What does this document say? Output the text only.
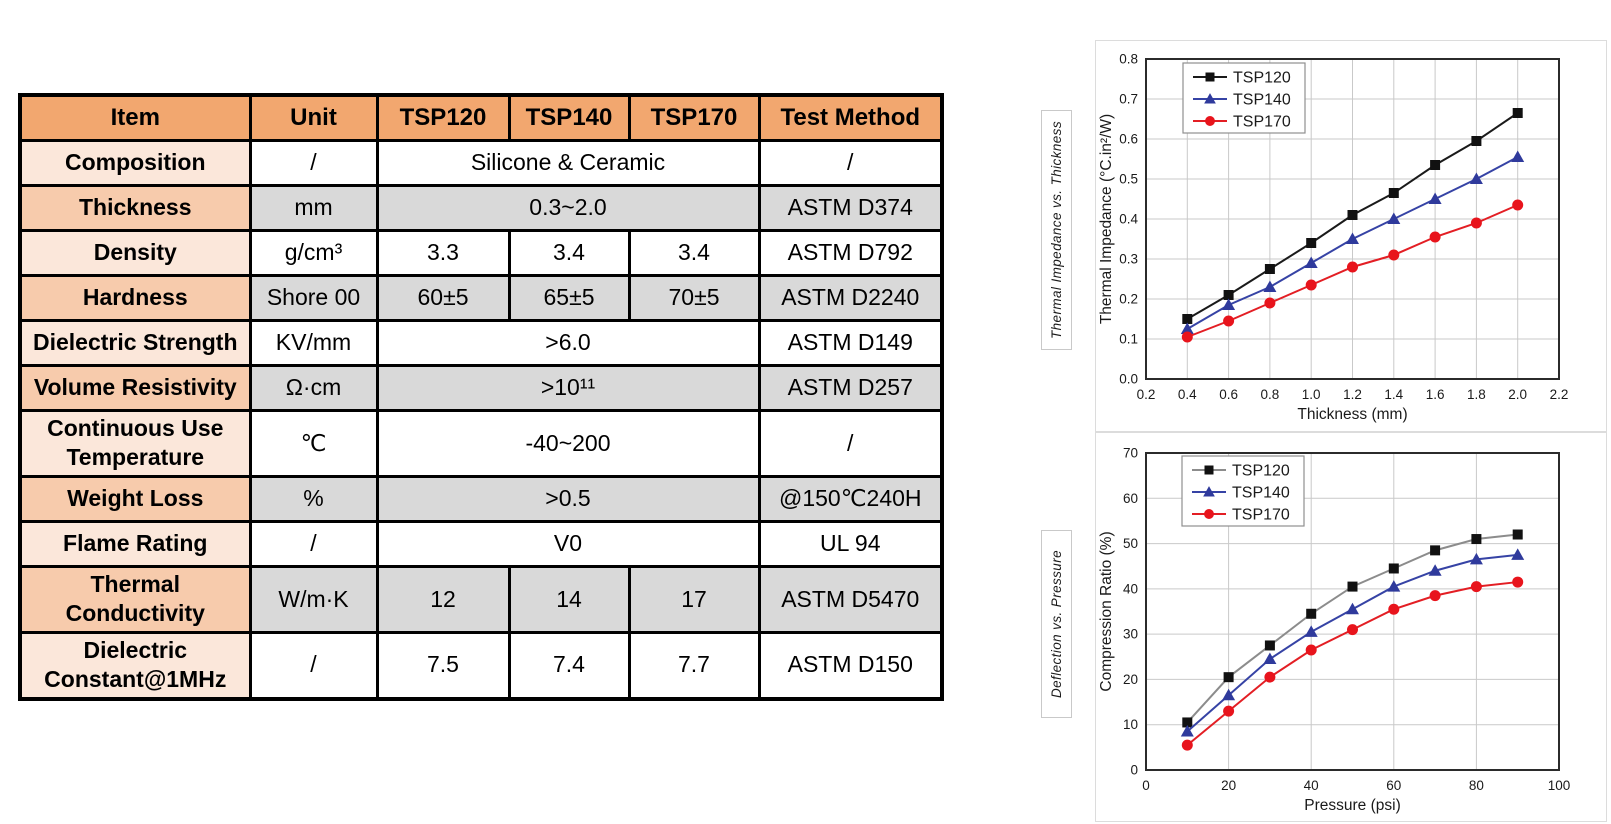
Item	Unit	TSP120	TSP140	TSP170	Test Method
Composition	/	Silicone & Ceramic			/
Thickness	mm	0.3~2.0			ASTM D374
Density	g/cm³	3.3	3.4	3.4	ASTM D792
Hardness	Shore 00	60±5	65±5	70±5	ASTM D2240
Dielectric Strength	KV/mm	>6.0			ASTM D149
Volume Resistivity	Ω·cm	>10¹¹			ASTM D257
Continuous Use Temperature	℃	-40~200			/
Weight Loss	%	>0.5			@150℃240H
Flame Rating	/	V0			UL 94
Thermal Conductivity	W/m·K	12	14	17	ASTM D5470
Dielectric Constant@1MHz	/	7.5	7.4	7.7	ASTM D150
Thermal Impedance vs. Thickness
Deflection vs. Pressure
0.2 0.4 0.6 0.8 1.0 1.2 1.4 1.6 1.8 2.0 2.2
0.0
0.1
0.2
0.3
0.4
0.5
0.6
0.7
0.8
Thickness (mm)
Thermal Impedance (°C.in²/W)
TSP120
TSP140
TSP170
0	20	40	60	80	100
0
10
20
30
40
50
60
70
Pressure (psi)
Compression Ratio (%)
TSP120
TSP140
TSP170
